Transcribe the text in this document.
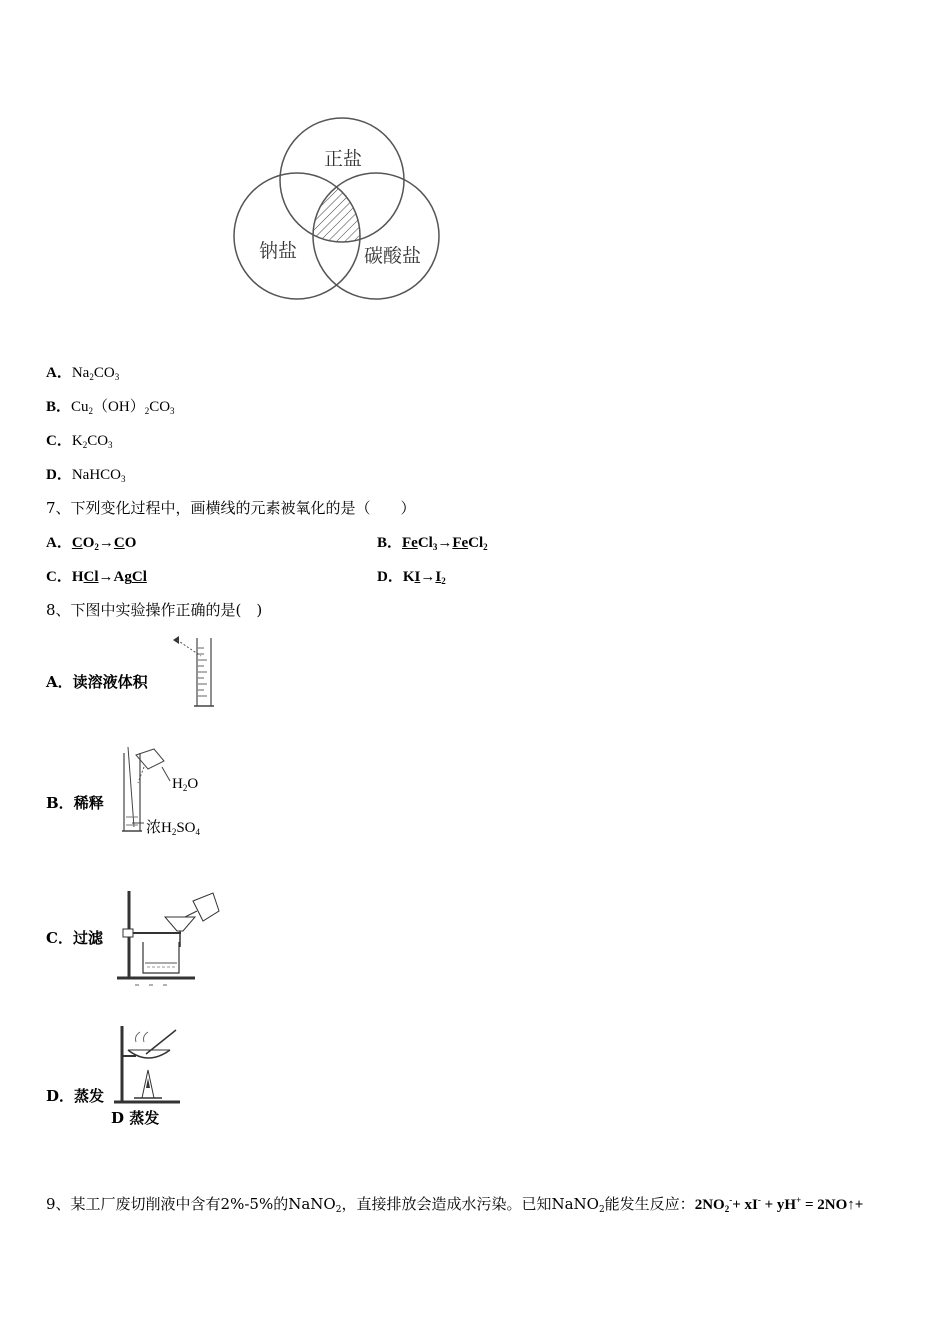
正盐
钠盐	碳酸盐
A．$Na_2CO_3$
B．$Cu_2(OH)_2CO_3$
C．$K_2CO_3$
D．NaHCO$_3$
7、下列变化过程中，画横线的元素被氧化的是（　　）
A．$CO_2\to CO$	B．FeCl$_3$→FeCl$_2$
C．HCl→AgCl	D．$KI\to I_2$
8、下图中实验操作正确的是(　)
A．读溶液体积
B．稀释
$H_2O$
浓$H_2SO_4$
C．过滤
D．蒸发
D 蒸发
9、某工厂废切削液中含有2%-5%的NaNO$_2$，直接排放会造成水污染。已知NaNO$_2$能发生反应：$2NO_2^-+ xI^- + yH^+$ = 2NO↑+
